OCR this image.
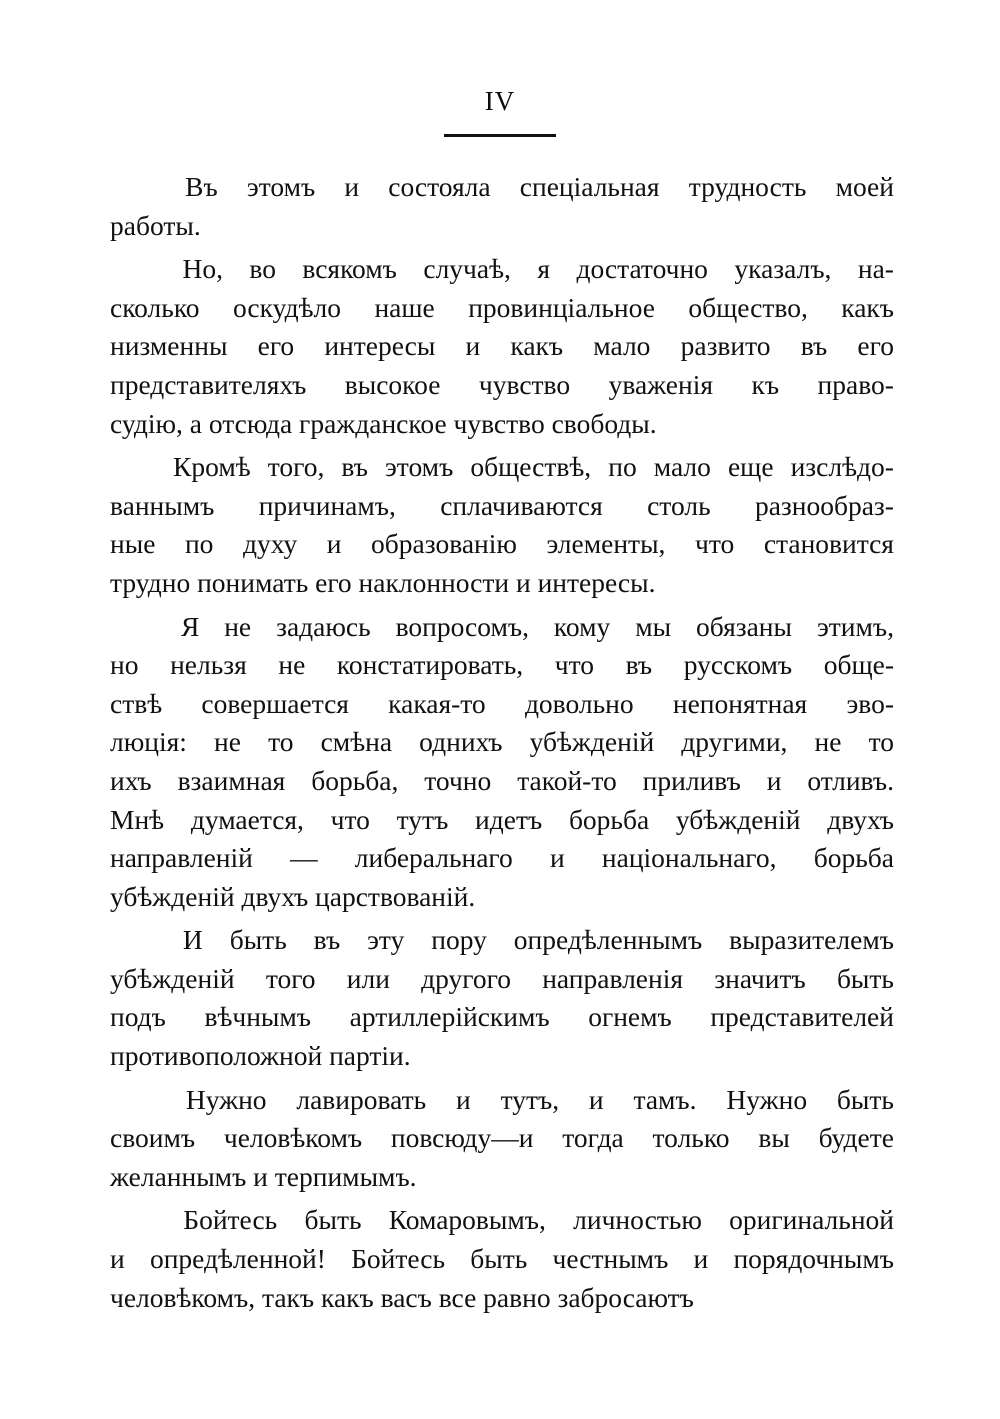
IV

Въ этомъ и состояла спеціальная трудность моей
работы.

Но, во всякомъ случаѣ, я достаточно указалъ, на-
сколько оскудѣло наше провинціальное общество, какъ
низменны его интересы и какъ мало развито въ его
представителяхъ высокое чувство уваженія къ право-
судію, а отсюда гражданское чувство свободы.

Кромѣ того, въ этомъ обществѣ, по мало еще изслѣдо-
ваннымъ причинамъ, сплачиваются столь разнообраз-
ные по духу и образованію элементы, что становится
трудно понимать его наклонности и интересы.

Я не задаюсь вопросомъ, кому мы обязаны этимъ,
но нельзя не констатировать, что въ русскомъ обще-
ствѣ совершается какая-то довольно непонятная эво-
люція: не то смѣна однихъ убѣжденій другими, не то
ихъ взаимная борьба, точно такой-то приливъ и отливъ.
Мнѣ думается, что тутъ идетъ борьба убѣжденій двухъ
направленій — либеральнаго и національнаго, борьба
убѣжденій двухъ царствованій.

И быть въ эту пору опредѣленнымъ выразителемъ
убѣжденій того или другого направленія значитъ быть
подъ вѣчнымъ артиллерійскимъ огнемъ представителей
противоположной партіи.

Нужно лавировать и тутъ, и тамъ. Нужно быть
своимъ человѣкомъ повсюду—и тогда только вы будете
желаннымъ и терпимымъ.

Бойтесь быть Комаровымъ, личностью оригинальной
и опредѣленной! Бойтесь быть честнымъ и порядочнымъ
человѣкомъ, такъ какъ васъ все равно забросаютъ
